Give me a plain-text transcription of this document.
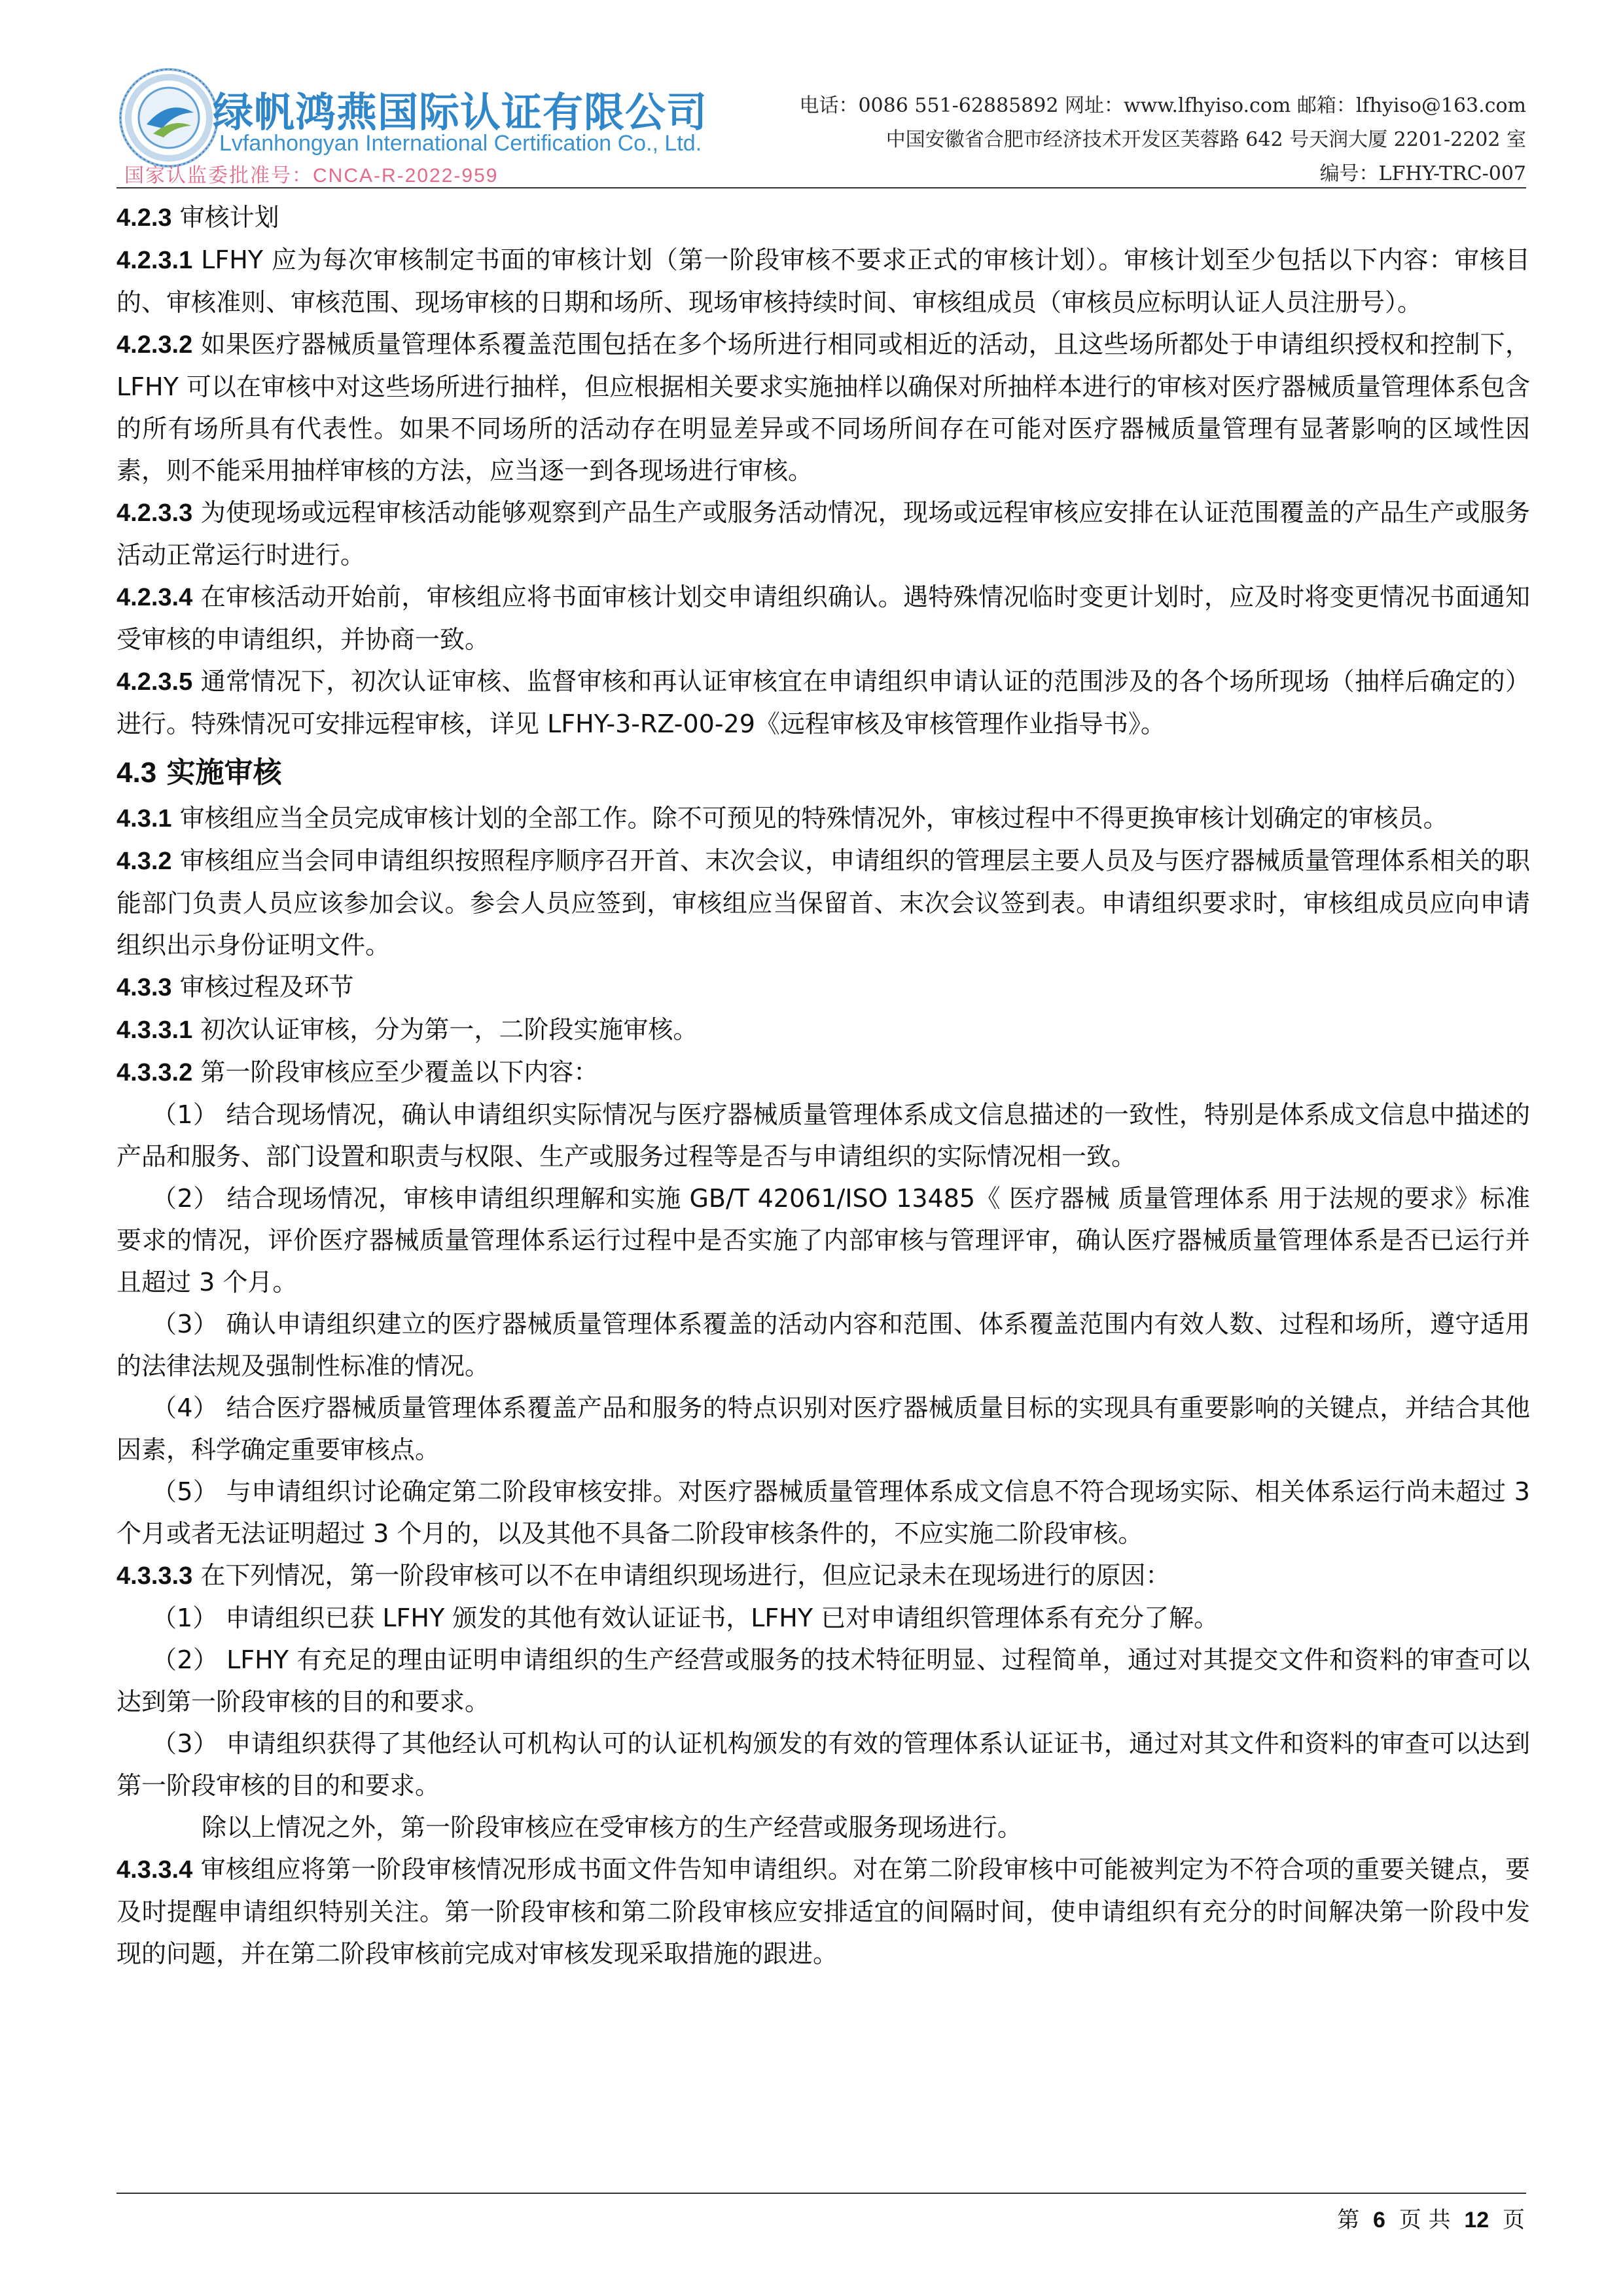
绿帆鸿燕国际认证有限公司
Lvfanhongyan International Certification Co., Ltd.
国家认监委批准号：CNCA-R-2022-959
电话：0086 551-62885892 网址：www.lfhyiso.com 邮箱：lfhyiso@163.com
中国安徽省合肥市经济技术开发区芙蓉路 642 号天润大厦 2201-2202 室
编号：LFHY-TRC-007

4.2.3 审核计划

4.2.3.1 LFHY 应为每次审核制定书面的审核计划（第一阶段审核不要求正式的审核计划）。审核计划至少包括以下内容：审核目的、审核准则、审核范围、现场审核的日期和场所、现场审核持续时间、审核组成员（审核员应标明认证人员注册号）。

4.2.3.2 如果医疗器械质量管理体系覆盖范围包括在多个场所进行相同或相近的活动，且这些场所都处于申请组织授权和控制下，LFHY 可以在审核中对这些场所进行抽样，但应根据相关要求实施抽样以确保对所抽样本进行的审核对医疗器械质量管理体系包含的所有场所具有代表性。如果不同场所的活动存在明显差异或不同场所间存在可能对医疗器械质量管理有显著影响的区域性因素，则不能采用抽样审核的方法，应当逐一到各现场进行审核。

4.2.3.3 为使现场或远程审核活动能够观察到产品生产或服务活动情况，现场或远程审核应安排在认证范围覆盖的产品生产或服务活动正常运行时进行。

4.2.3.4 在审核活动开始前，审核组应将书面审核计划交申请组织确认。遇特殊情况临时变更计划时，应及时将变更情况书面通知受审核的申请组织，并协商一致。

4.2.3.5 通常情况下，初次认证审核、监督审核和再认证审核宜在申请组织申请认证的范围涉及的各个场所现场（抽样后确定的）进行。特殊情况可安排远程审核，详见 LFHY-3-RZ-00-29《远程审核及审核管理作业指导书》。

4.3 实施审核

4.3.1 审核组应当全员完成审核计划的全部工作。除不可预见的特殊情况外，审核过程中不得更换审核计划确定的审核员。

4.3.2 审核组应当会同申请组织按照程序顺序召开首、末次会议，申请组织的管理层主要人员及与医疗器械质量管理体系相关的职能部门负责人员应该参加会议。参会人员应签到，审核组应当保留首、末次会议签到表。申请组织要求时，审核组成员应向申请组织出示身份证明文件。

4.3.3 审核过程及环节

4.3.3.1 初次认证审核，分为第一，二阶段实施审核。

4.3.3.2 第一阶段审核应至少覆盖以下内容：

（1） 结合现场情况，确认申请组织实际情况与医疗器械质量管理体系成文信息描述的一致性，特别是体系成文信息中描述的产品和服务、部门设置和职责与权限、生产或服务过程等是否与申请组织的实际情况相一致。

（2） 结合现场情况，审核申请组织理解和实施 GB/T 42061/ISO 13485《 医疗器械 质量管理体系 用于法规的要求》标准要求的情况，评价医疗器械质量管理体系运行过程中是否实施了内部审核与管理评审，确认医疗器械质量管理体系是否已运行并且超过 3 个月。

（3） 确认申请组织建立的医疗器械质量管理体系覆盖的活动内容和范围、体系覆盖范围内有效人数、过程和场所，遵守适用的法律法规及强制性标准的情况。

（4） 结合医疗器械质量管理体系覆盖产品和服务的特点识别对医疗器械质量目标的实现具有重要影响的关键点，并结合其他因素，科学确定重要审核点。

（5） 与申请组织讨论确定第二阶段审核安排。对医疗器械质量管理体系成文信息不符合现场实际、相关体系运行尚未超过 3 个月或者无法证明超过 3 个月的，以及其他不具备二阶段审核条件的，不应实施二阶段审核。

4.3.3.3 在下列情况，第一阶段审核可以不在申请组织现场进行，但应记录未在现场进行的原因：

（1） 申请组织已获 LFHY 颁发的其他有效认证证书，LFHY 已对申请组织管理体系有充分了解。

（2） LFHY 有充足的理由证明申请组织的生产经营或服务的技术特征明显、过程简单，通过对其提交文件和资料的审查可以达到第一阶段审核的目的和要求。

（3） 申请组织获得了其他经认可机构认可的认证机构颁发的有效的管理体系认证证书，通过对其文件和资料的审查可以达到第一阶段审核的目的和要求。

除以上情况之外，第一阶段审核应在受审核方的生产经营或服务现场进行。

4.3.3.4 审核组应将第一阶段审核情况形成书面文件告知申请组织。对在第二阶段审核中可能被判定为不符合项的重要关键点，要及时提醒申请组织特别关注。第一阶段审核和第二阶段审核应安排适宜的间隔时间，使申请组织有充分的时间解决第一阶段中发现的问题，并在第二阶段审核前完成对审核发现采取措施的跟进。

第 6 页 共 12 页
